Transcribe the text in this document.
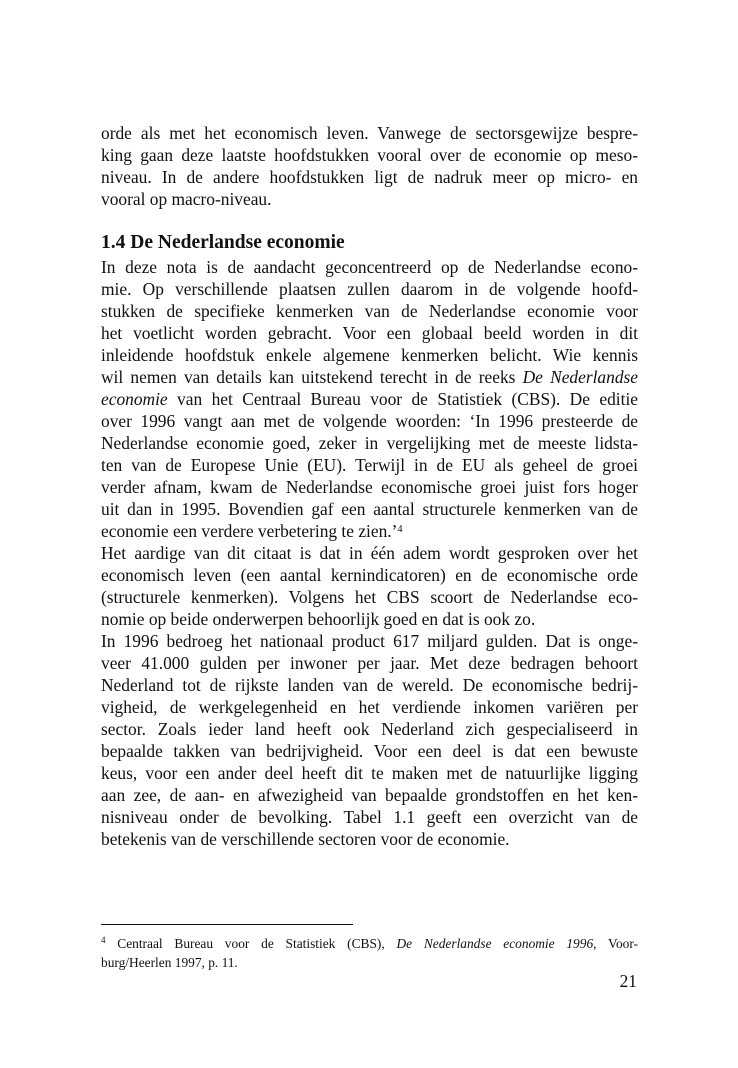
orde als met het economisch leven. Vanwege de sectorsgewijze bespre-
king gaan deze laatste hoofdstukken vooral over de economie op meso-
niveau. In de andere hoofdstukken ligt de nadruk meer op micro- en
vooral op macro-niveau.
1.4 De Nederlandse economie
In deze nota is de aandacht geconcentreerd op de Nederlandse econo-
mie. Op verschillende plaatsen zullen daarom in de volgende hoofd-
stukken de specifieke kenmerken van de Nederlandse economie voor
het voetlicht worden gebracht. Voor een globaal beeld worden in dit
inleidende hoofdstuk enkele algemene kenmerken belicht. Wie kennis
wil nemen van details kan uitstekend terecht in de reeks De Nederlandse
economie van het Centraal Bureau voor de Statistiek (CBS). De editie
over 1996 vangt aan met de volgende woorden: ‘In 1996 presteerde de
Nederlandse economie goed, zeker in vergelijking met de meeste lidsta-
ten van de Europese Unie (EU). Terwijl in de EU als geheel de groei
verder afnam, kwam de Nederlandse economische groei juist fors hoger
uit dan in 1995. Bovendien gaf een aantal structurele kenmerken van de
economie een verdere verbetering te zien.’$^4$
Het aardige van dit citaat is dat in één adem wordt gesproken over het
economisch leven (een aantal kernindicatoren) en de economische orde
(structurele kenmerken). Volgens het CBS scoort de Nederlandse eco-
nomie op beide onderwerpen behoorlijk goed en dat is ook zo.
In 1996 bedroeg het nationaal product 617 miljard gulden. Dat is onge-
veer 41.000 gulden per inwoner per jaar. Met deze bedragen behoort
Nederland tot de rijkste landen van de wereld. De economische bedrij-
vigheid, de werkgelegenheid en het verdiende inkomen variëren per
sector. Zoals ieder land heeft ook Nederland zich gespecialiseerd in
bepaalde takken van bedrijvigheid. Voor een deel is dat een bewuste
keus, voor een ander deel heeft dit te maken met de natuurlijke ligging
aan zee, de aan- en afwezigheid van bepaalde grondstoffen en het ken-
nisniveau onder de bevolking. Tabel 1.1 geeft een overzicht van de
betekenis van de verschillende sectoren voor de economie.
$^4$ Centraal Bureau voor de Statistiek (CBS), De Nederlandse economie 1996, Voor-
burg/Heerlen 1997, p. 11.
21
